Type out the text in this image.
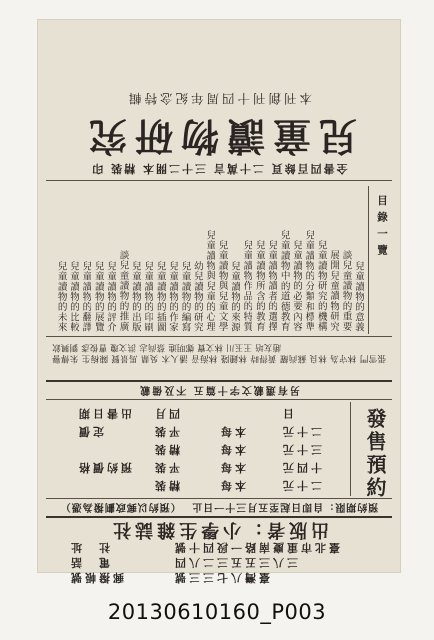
本刊創刊十四周年紀念特輯
兒童讀物研究
全書四百餘頁 二十萬言 三十二開本 精裝 印
目錄一覽
兒童讀物的意義
談兒童讀物的重要
展開兒童讀物研究
兒童讀物研究的機構
兒童讀物的分類和標準
兒童讀物的必要內容
兒童讀物中的道德教育
兒童讀物讀者的選擇
兒童讀物所含的教育
兒童讀物作品的特質
兒童讀物的來源
兒童讀物與兒童文學
兒童讀物與兒童的心理
幼兒讀物的研究
兒童讀物的編寫
兒童讀物的作家
兒童讀物的插圖
兒童讀物的印刷
兒童讀物的出版
談兒童讀物的推廣
兒童讀物的評介
兒童讀物的展覽
兒童讀物的翻譯
兒童讀物的比較
兒童讀物的未來
張雪門 林守為 林良 蘇尚耀 黃得時 林鍾隆 林海音 潘人木 吳鼎 馬景賢 陳梅生 朱傳譽 趙友培 王玉川 林文寶 鄭明進 蔡尚志 洪文瓊 曹俊彥 劉興欽
另有選載文字十篇五 不及備載
發售預約
出書日期 四月	日
定價	平裝	本每	二十元
精裝	本每	三十元
預約價格 平裝	本每	十四元
精裝	本每	二十元
預約期限：自即日起至五月三十一日止 （預約以郵政劃撥為憑）
出版者：小學生雜誌社
社　址	臺北市重慶南路一段四十號
電　話	三八三五五三二八四
郵撥帳號	臺灣八七三三號
20130610160_P003
